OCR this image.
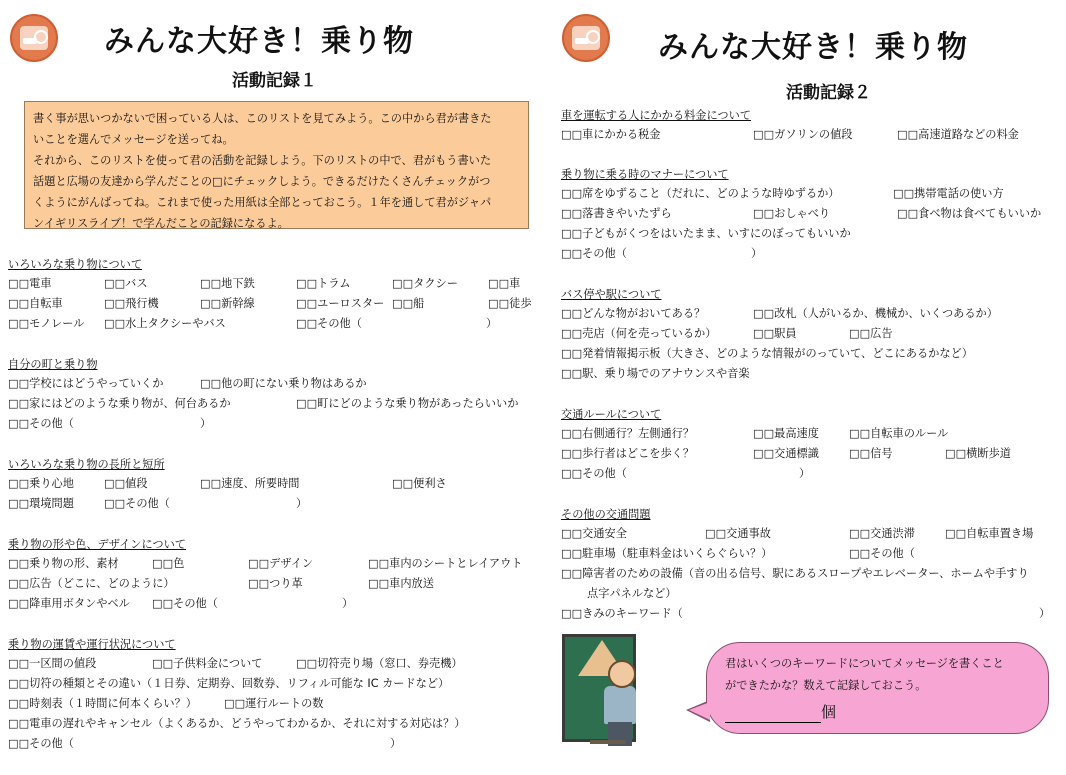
みんな大好き！乗り物
活動記録１

書く事が思いつかないで困っている人は、このリストを見てみよう。この中から君が書きた

いことを選んでメッセージを送ってね。

それから、このリストを使って君の活動を記録しよう。下のリストの中で、君がもう書いた

話題と広場の友達から学んだことの□にチェックしよう。できるだけたくさんチェックがつ

くようにがんばってね。これまで使った用紙は全部とっておこう。１年を通して君がジャパ

ンイギリスライブ！で学んだことの記録になるよ。

いろいろな乗り物について
□□電車	□□バス	□□地下鉄	□□トラム	□□タクシー	□□車
□□自転車	□□飛行機	□□新幹線	□□ユーロスター □□船	□□徒歩
□□モノレール □□水上タクシーやバス	□□その他（	）
自分の町と乗り物
□□学校にはどうやっていくか	□□他の町にない乗り物はあるか
□□家にはどのような乗り物が、何台あるか	□□町にどのような乗り物があったらいいか
□□その他（	）
いろいろな乗り物の長所と短所
□□乗り心地	□□値段	□□速度、所要時間	□□便利さ
□□環境問題	□□その他（	）
乗り物の形や色、デザインについて
□□乗り物の形、素材	□□色	□□デザイン	□□車内のシートとレイアウト
□□広告（どこに、どのように）	□□つり革	□□車内放送
□□降車用ボタンやベル □□その他（	）
乗り物の運賃や運行状況について
□□一区間の値段	□□子供料金について	□□切符売り場（窓口、券売機）
□□切符の種類とその違い（１日券、定期券、回数券、リフィル可能な IC カードなど）
□□時刻表（１時間に何本くらい？） □□運行ルートの数
□□電車の遅れやキャンセル（よくあるか、どうやってわかるか、それに対する対応は？）
□□その他（	）
みんな大好き！乗り物
活動記録２
車を運転する人にかかる料金について
□□車にかかる税金	□□ガソリンの値段	□□高速道路などの料金
乗り物に乗る時のマナーについて
□□席をゆずること（だれに、どのような時ゆずるか）	□□携帯電話の使い方
□□落書きやいたずら	□□おしゃべり	□□食べ物は食べてもいいか
□□子どもがくつをはいたまま、いすにのぼってもいいか
□□その他（	）
バス停や駅について
□□どんな物がおいてある？	□□改札（人がいるか、機械か、いくつあるか）
□□売店（何を売っているか）	□□駅員	□□広告
□□発着情報掲示板（大きさ、どのような情報がのっていて、どこにあるかなど）
□□駅、乗り場でのアナウンスや音楽
交通ルールについて
□□右側通行？左側通行？	□□最高速度	□□自転車のルール
□□歩行者はどこを歩く？	□□交通標識	□□信号	□□横断歩道
□□その他（	）
その他の交通問題
□□交通安全	□□交通事故	□□交通渋滞	□□自転車置き場
□□駐車場（駐車料金はいくらぐらい？）	□□その他（
□□障害者のための設備（音の出る信号、駅にあるスロープやエレベーター、ホームや手すり
点字パネルなど）
□□きみのキーワード（	）
君はいくつのキーワードについてメッセージを書くこと
ができたかな？数えて記録しておこう。
個
